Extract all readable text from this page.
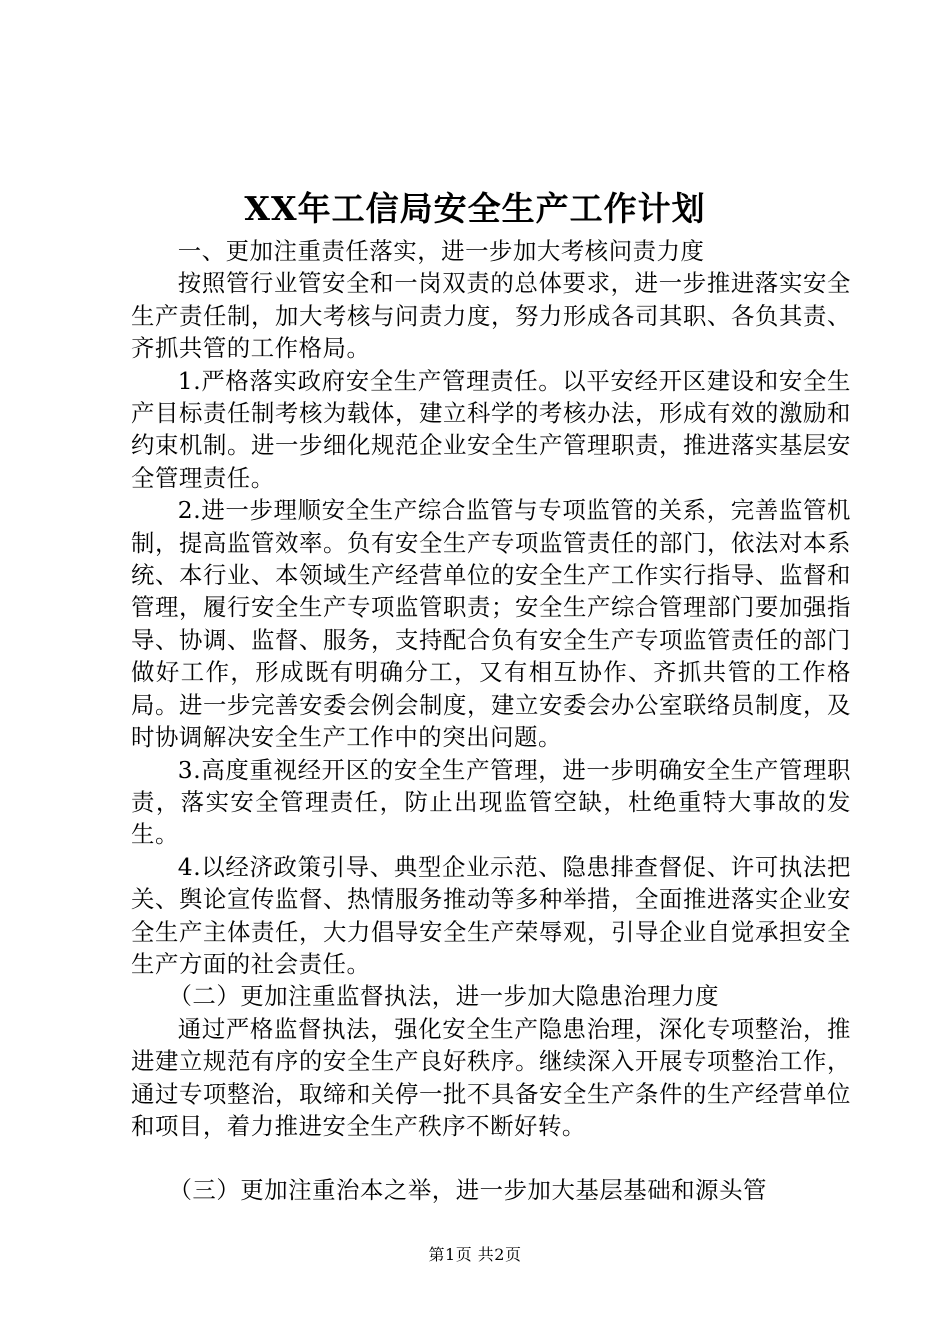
XX年工信局安全生产工作计划

一、更加注重责任落实，进一步加大考核问责力度

按照管行业管安全和一岗双责的总体要求，进一步推进落实安全生产责任制，加大考核与问责力度，努力形成各司其职、各负其责、齐抓共管的工作格局。

1.严格落实政府安全生产管理责任。以平安经开区建设和安全生产目标责任制考核为载体，建立科学的考核办法，形成有效的激励和约束机制。进一步细化规范企业安全生产管理职责，推进落实基层安全管理责任。

2.进一步理顺安全生产综合监管与专项监管的关系，完善监管机制，提高监管效率。负有安全生产专项监管责任的部门，依法对本系统、本行业、本领域生产经营单位的安全生产工作实行指导、监督和管理，履行安全生产专项监管职责；安全生产综合管理部门要加强指导、协调、监督、服务，支持配合负有安全生产专项监管责任的部门做好工作，形成既有明确分工，又有相互协作、齐抓共管的工作格局。进一步完善安委会例会制度，建立安委会办公室联络员制度，及时协调解决安全生产工作中的突出问题。

3.高度重视经开区的安全生产管理，进一步明确安全生产管理职责，落实安全管理责任，防止出现监管空缺，杜绝重特大事故的发生。

4.以经济政策引导、典型企业示范、隐患排查督促、许可执法把关、舆论宣传监督、热情服务推动等多种举措，全面推进落实企业安全生产主体责任，大力倡导安全生产荣辱观，引导企业自觉承担安全生产方面的社会责任。

（二）更加注重监督执法，进一步加大隐患治理力度

通过严格监督执法，强化安全生产隐患治理，深化专项整治，推进建立规范有序的安全生产良好秩序。继续深入开展专项整治工作，通过专项整治，取缔和关停一批不具备安全生产条件的生产经营单位和项目，着力推进安全生产秩序不断好转。

（三）更加注重治本之举，进一步加大基层基础和源头管

第1页 共2页
